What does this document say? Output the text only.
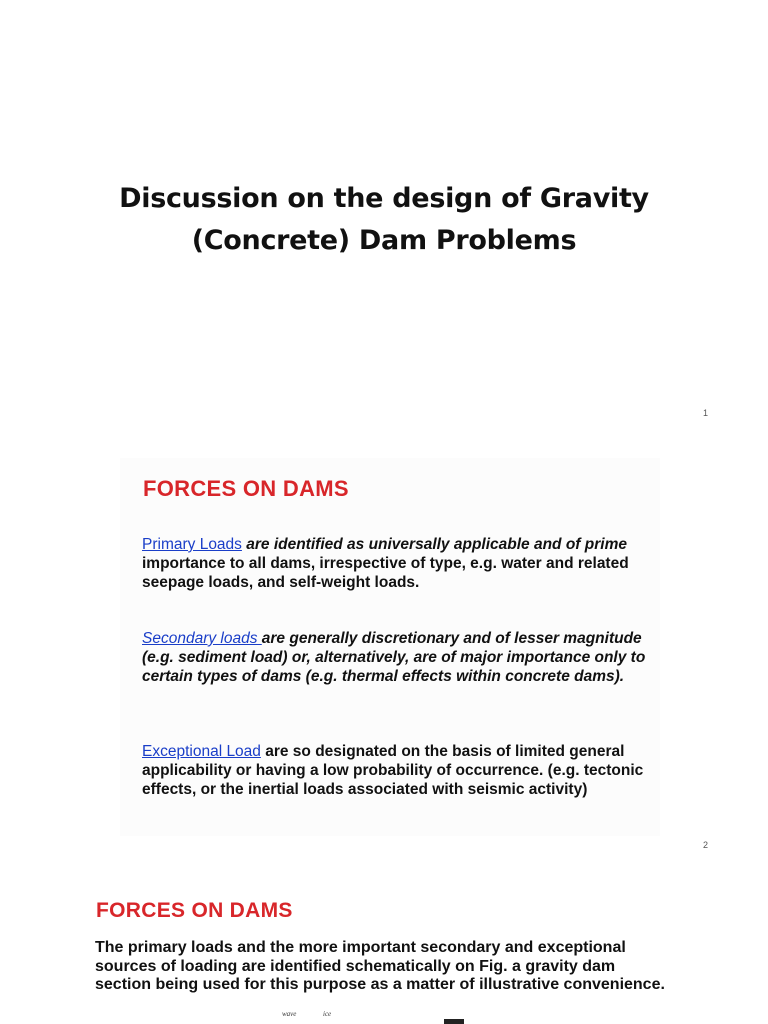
Discussion on the design of Gravity
(Concrete) Dam Problems
1
FORCES ON DAMS

Primary Loads are identified as universally applicable and of prime importance to all dams, irrespective of type, e.g. water and related seepage loads, and self-weight loads.

Secondary loads are generally discretionary and of lesser magnitude (e.g. sediment load) or, alternatively, are of major importance only to certain types of dams (e.g. thermal effects within concrete dams).

Exceptional Load are so designated on the basis of limited general applicability or having a low probability of occurrence. (e.g. tectonic effects, or the inertial loads associated with seismic activity)

2
FORCES ON DAMS

The primary loads and the more important secondary and exceptional sources of loading are identified schematically on Fig. a gravity dam section being used for this purpose as a matter of illustrative convenience.

wave	ice
